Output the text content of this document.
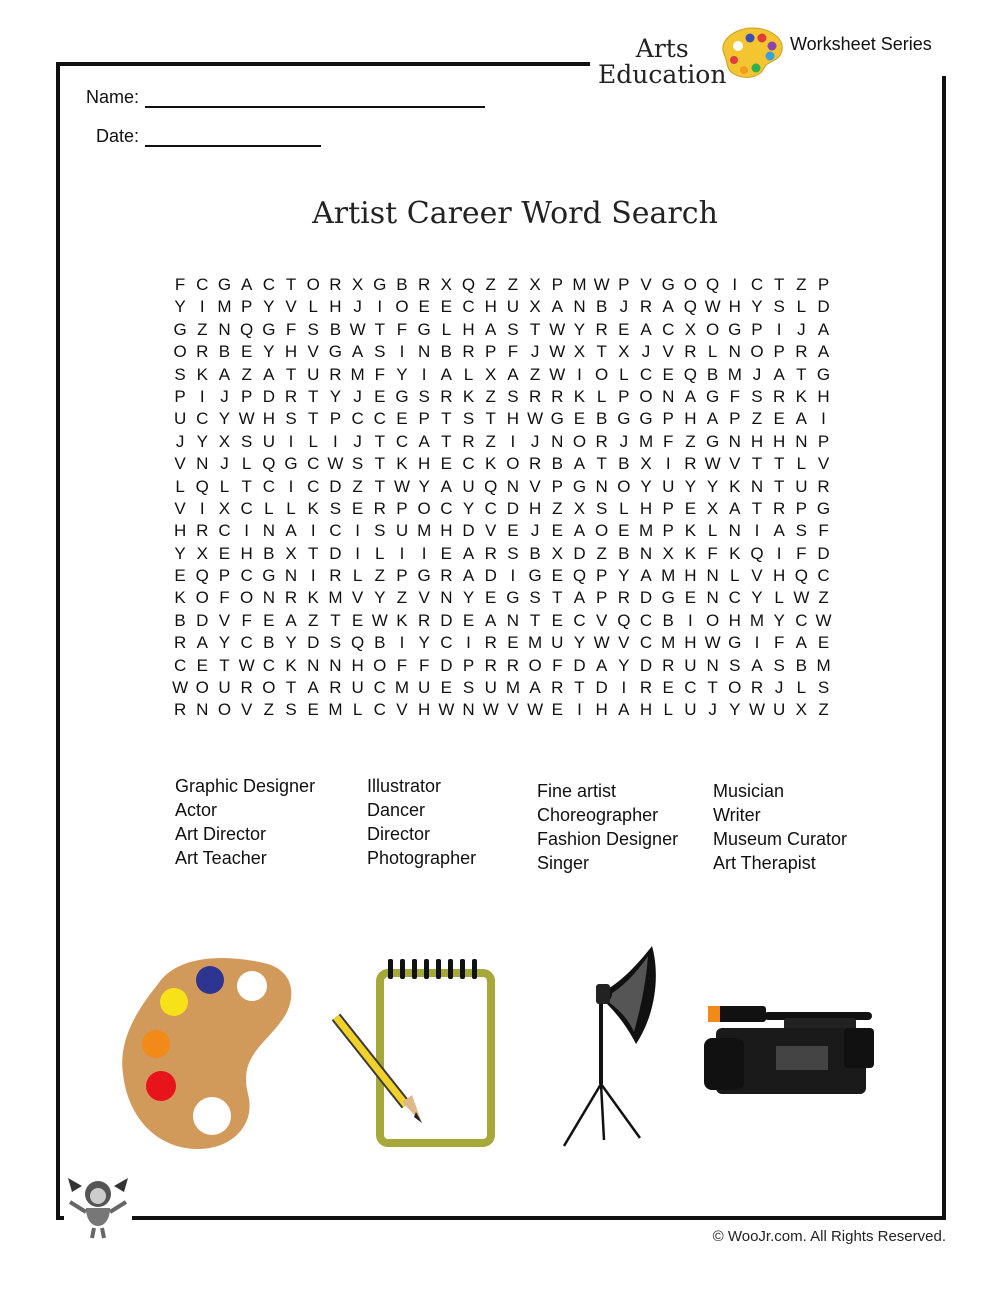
Arts
Education
Worksheet Series
Name:
Date:
Artist Career Word Search
F C G A C T O R X G B R X Q Z Z X P M W P V G O Q I C T Z P
Y I M P Y V L H J I O E E C H U X A N B J R A Q W H Y S L D
G Z N Q G F S B W T F G L H A S T W Y R E A C X O G P I J A
O R B E Y H V G A S I N B R P F J W X T X J V R L N O P R A
S K A Z A T U R M F Y I A L X A Z W I O L C E Q B M J A T G
P I J P D R T Y J E G S R K Z S R R K L P O N A G F S R K H
U C Y W H S T P C C E P T S T H W G E B G G P H A P Z E A I
J Y X S U I L I J T C A T R Z I J N O R J M F Z G N H H N P
V N J L Q G C W S T K H E C K O R B A T B X I R W V T T L V
L Q L T C I C D Z T W Y A U Q N V P G N O Y U Y Y K N T U R
V I X C L L K S E R P O C Y C D H Z X S L H P E X A T R P G
H R C I N A I C I S U M H D V E J E A O E M P K L N I A S F
Y X E H B X T D I L I	I E A R S B X D Z B N X K F K Q I F D
E Q P C G N I R L Z P G R A D I G E Q P Y A M H N L V H Q C
K O F O N R K M V Y Z V N Y E G S T A P R D G E N C Y L W Z
B D V F E A Z T E W K R D E A N T E C V Q C B I O H M Y C W
R A Y C B Y D S Q B I Y C I R E M U Y W V C M H W G I F A E
C E T W C K N N H O F F D P R R O F D A Y D R U N S A S B M
W O U R O T A R U C M U E S U M A R T D I R E C T O R J L S
R N O V Z S E M L C V H W N W V W E I H A H L U J Y W U X Z
Graphic Designer
Actor
Art Director
Art Teacher
Illustrator
Dancer
Director
Photographer
Fine artist
Choreographer
Fashion Designer
Singer
Musician
Writer
Museum Curator
Art Therapist
© WooJr.com. All Rights Reserved.
